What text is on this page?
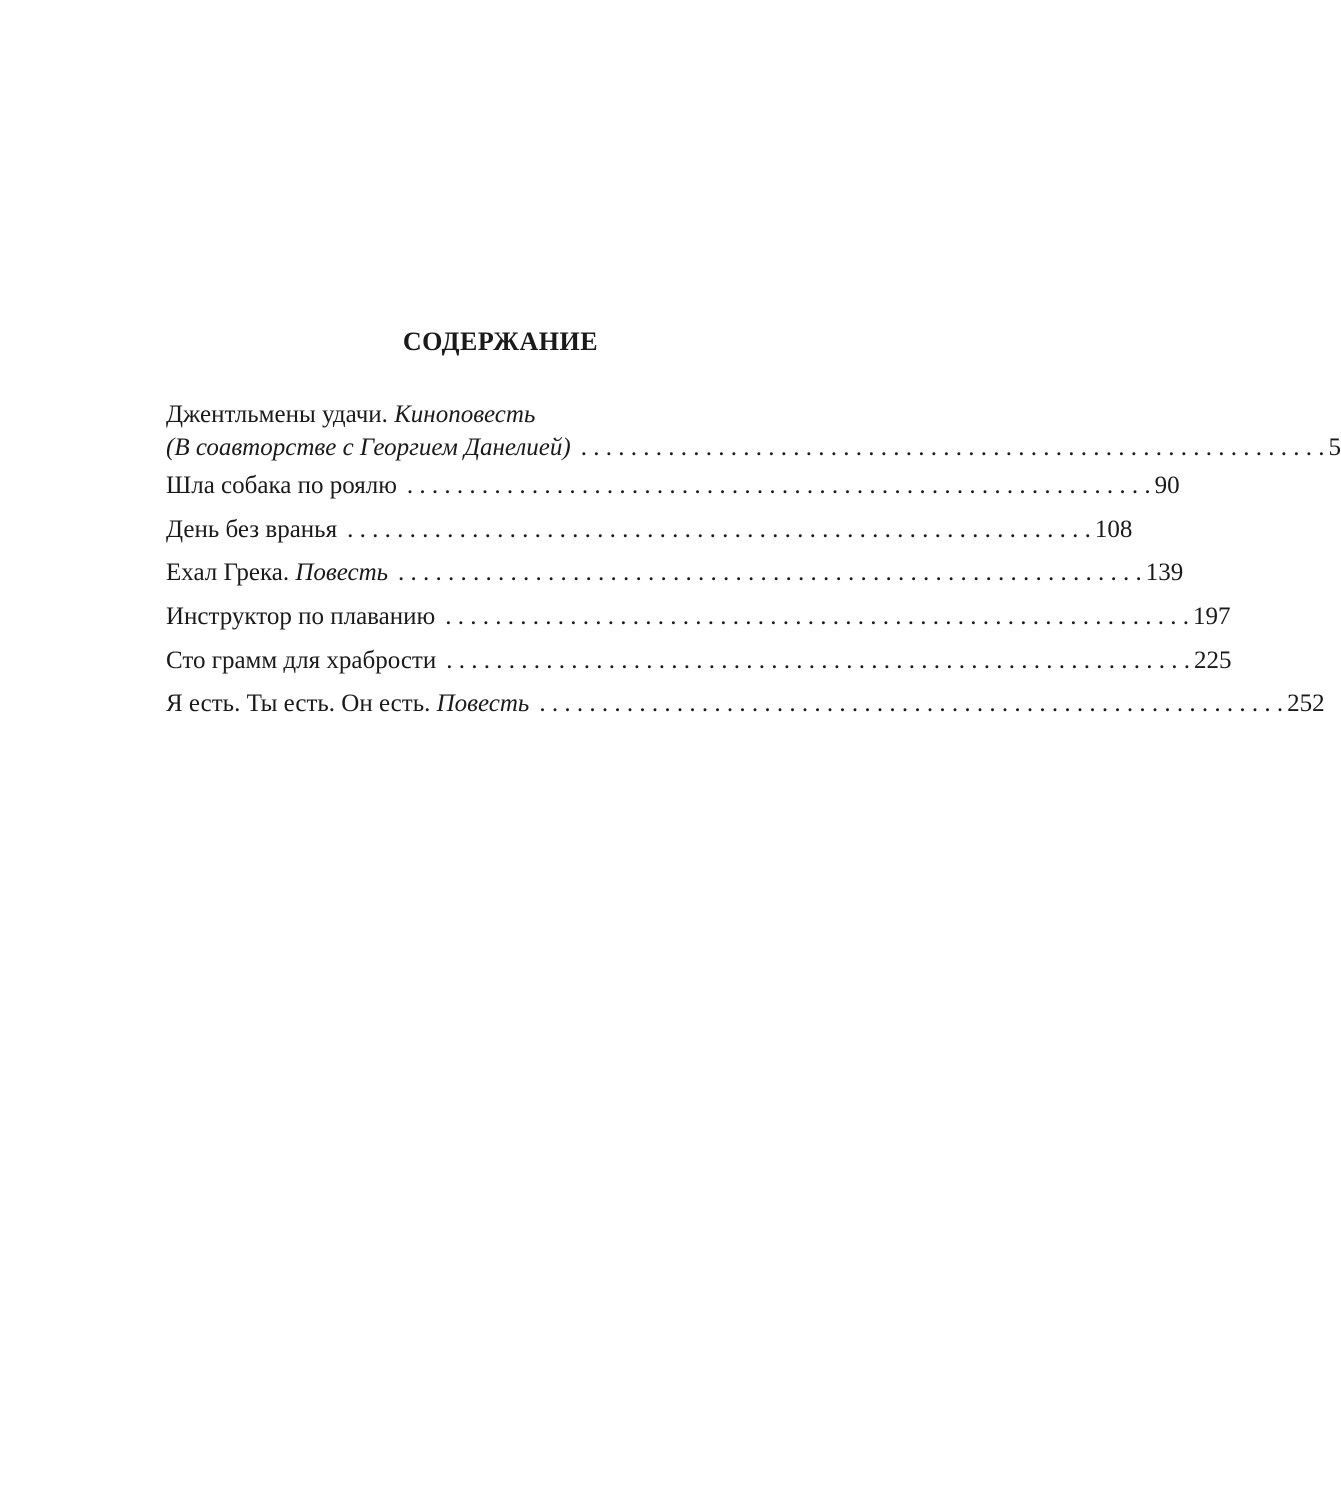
СОДЕРЖАНИЕ
Джентльмены удачи.
Киноповесть
(В соавторстве с Георгием Данелией) . . . . . . . . . . . . . . . . . . . . . . . . . . . . . . . . . . . . . . . . . . . . . . . . . . . . . . . . . . . . 5
Шла собака по роялю . . . . . . . . . . . . . . . . . . . . . . . . . . . . . . . . . . . . . . . . . . . . . . . . . . . . . . . . . . . . 90
День без вранья . . . . . . . . . . . . . . . . . . . . . . . . . . . . . . . . . . . . . . . . . . . . . . . . . . . . . . . . . . . . 108
Ехал Грека.
Повесть . . . . . . . . . . . . . . . . . . . . . . . . . . . . . . . . . . . . . . . . . . . . . . . . . . . . . . . . . . . . 139
Инструктор по плаванию . . . . . . . . . . . . . . . . . . . . . . . . . . . . . . . . . . . . . . . . . . . . . . . . . . . . . . . . . . . . 197
Сто грамм для храбрости . . . . . . . . . . . . . . . . . . . . . . . . . . . . . . . . . . . . . . . . . . . . . . . . . . . . . . . . . . . . 225
Я есть. Ты есть. Он есть.
Повесть . . . . . . . . . . . . . . . . . . . . . . . . . . . . . . . . . . . . . . . . . . . . . . . . . . . . . . . . . . . . 252
